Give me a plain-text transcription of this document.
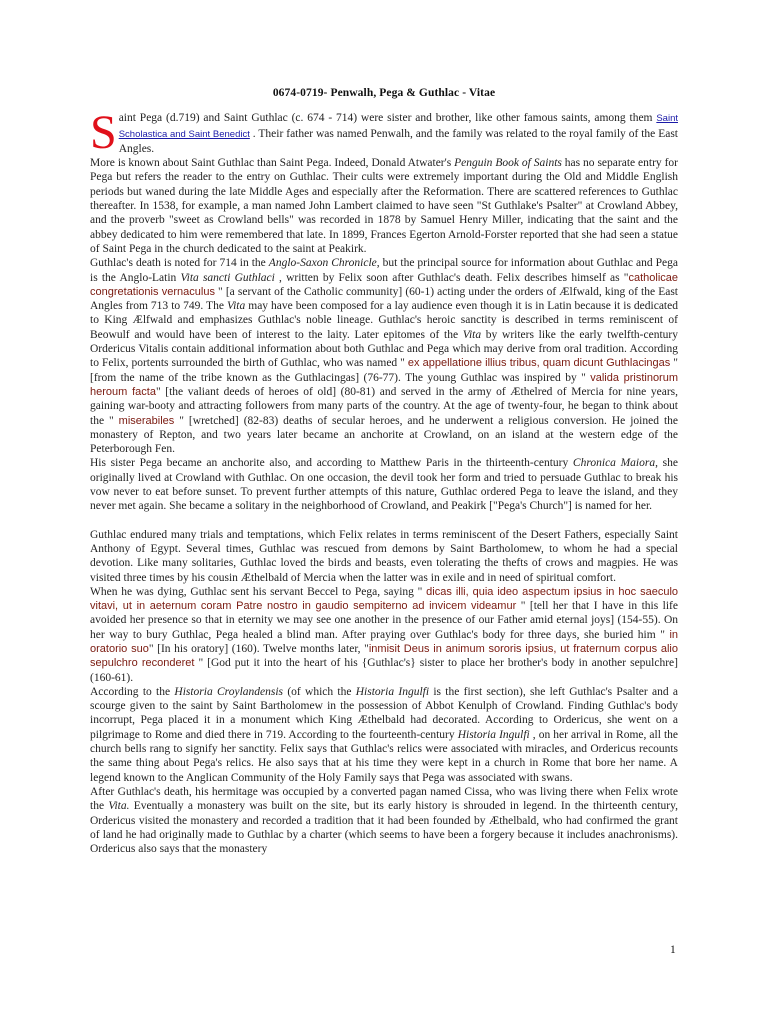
0674-0719- Penwalh, Pega & Guthlac - Vitae

Saint Pega (d.719) and Saint Guthlac (c. 674 - 714) were sister and brother, like other famous saints, among them Saint Scholastica and Saint Benedict . Their father was named Penwalh, and the family was related to the royal family of the East Angles.

More is known about Saint Guthlac than Saint Pega. Indeed, Donald Atwater's Penguin Book of Saints has no separate entry for Pega but refers the reader to the entry on Guthlac. Their cults were extremely important during the Old and Middle English periods but waned during the late Middle Ages and especially after the Reformation. There are scattered references to Guthlac thereafter. In 1538, for example, a man named John Lambert claimed to have seen "St Guthlake's Psalter" at Crowland Abbey, and the proverb "sweet as Crowland bells" was recorded in 1878 by Samuel Henry Miller, indicating that the saint and the abbey dedicated to him were remembered that late. In 1899, Frances Egerton Arnold-Forster reported that she had seen a statue of Saint Pega in the church dedicated to the saint at Peakirk.

Guthlac's death is noted for 714 in the Anglo-Saxon Chronicle, but the principal source for information about Guthlac and Pega is the Anglo-Latin Vita sancti Guthlaci , written by Felix soon after Guthlac's death. Felix describes himself as "catholicae congretationis vernaculus " [a servant of the Catholic community] (60-1) acting under the orders of Ælfwald, king of the East Angles from 713 to 749. The Vita may have been composed for a lay audience even though it is in Latin because it is dedicated to King Ælfwald and emphasizes Guthlac's noble lineage. Guthlac's heroic sanctity is described in terms reminiscent of Beowulf and would have been of interest to the laity. Later epitomes of the Vita by writers like the early twelfth-century Ordericus Vitalis contain additional information about both Guthlac and Pega which may derive from oral tradition. According to Felix, portents surrounded the birth of Guthlac, who was named " ex appellatione illius tribus, quam dicunt Guthlacingas " [from the name of the tribe known as the Guthlacingas] (76-77). The young Guthlac was inspired by " valida pristinorum heroum facta" [the valiant deeds of heroes of old] (80-81) and served in the army of Æthelred of Mercia for nine years, gaining war-booty and attracting followers from many parts of the country. At the age of twenty-four, he began to think about the " miserabiles " [wretched] (82-83) deaths of secular heroes, and he underwent a religious conversion. He joined the monastery of Repton, and two years later became an anchorite at Crowland, on an island at the western edge of the Peterborough Fen.

His sister Pega became an anchorite also, and according to Matthew Paris in the thirteenth-century Chronica Maiora, she originally lived at Crowland with Guthlac. On one occasion, the devil took her form and tried to persuade Guthlac to break his vow never to eat before sunset. To prevent further attempts of this nature, Guthlac ordered Pega to leave the island, and they never met again. She became a solitary in the neighborhood of Crowland, and Peakirk ["Pega's Church"] is named for her.

Guthlac endured many trials and temptations, which Felix relates in terms reminiscent of the Desert Fathers, especially Saint Anthony of Egypt. Several times, Guthlac was rescued from demons by Saint Bartholomew, to whom he had a special devotion. Like many solitaries, Guthlac loved the birds and beasts, even tolerating the thefts of crows and magpies. He was visited three times by his cousin Æthelbald of Mercia when the latter was in exile and in need of spiritual comfort.

When he was dying, Guthlac sent his servant Beccel to Pega, saying " dicas illi, quia ideo aspectum ipsius in hoc saeculo vitavi, ut in aeternum coram Patre nostro in gaudio sempiterno ad invicem videamur " [tell her that I have in this life avoided her presence so that in eternity we may see one another in the presence of our Father amid eternal joys] (154-55). On her way to bury Guthlac, Pega healed a blind man. After praying over Guthlac's body for three days, she buried him " in oratorio suo" [In his oratory] (160). Twelve months later, "inmisit Deus in animum sororis ipsius, ut fraternum corpus alio sepulchro reconderet " [God put it into the heart of his {Guthlac's} sister to place her brother's body in another sepulchre] (160-61).

According to the Historia Croylandensis (of which the Historia Ingulfi is the first section), she left Guthlac's Psalter and a scourge given to the saint by Saint Bartholomew in the possession of Abbot Kenulph of Crowland. Finding Guthlac's body incorrupt, Pega placed it in a monument which King Æthelbald had decorated. According to Ordericus, she went on a pilgrimage to Rome and died there in 719. According to the fourteenth-century Historia Ingulfi , on her arrival in Rome, all the church bells rang to signify her sanctity. Felix says that Guthlac's relics were associated with miracles, and Ordericus recounts the same thing about Pega's relics. He also says that at his time they were kept in a church in Rome that bore her name. A legend known to the Anglican Community of the Holy Family says that Pega was associated with swans.

After Guthlac's death, his hermitage was occupied by a converted pagan named Cissa, who was living there when Felix wrote the Vita. Eventually a monastery was built on the site, but its early history is shrouded in legend. In the thirteenth century, Ordericus visited the monastery and recorded a tradition that it had been founded by Æthelbald, who had confirmed the grant of land he had originally made to Guthlac by a charter (which seems to have been a forgery because it includes anachronisms). Ordericus also says that the monastery

1
